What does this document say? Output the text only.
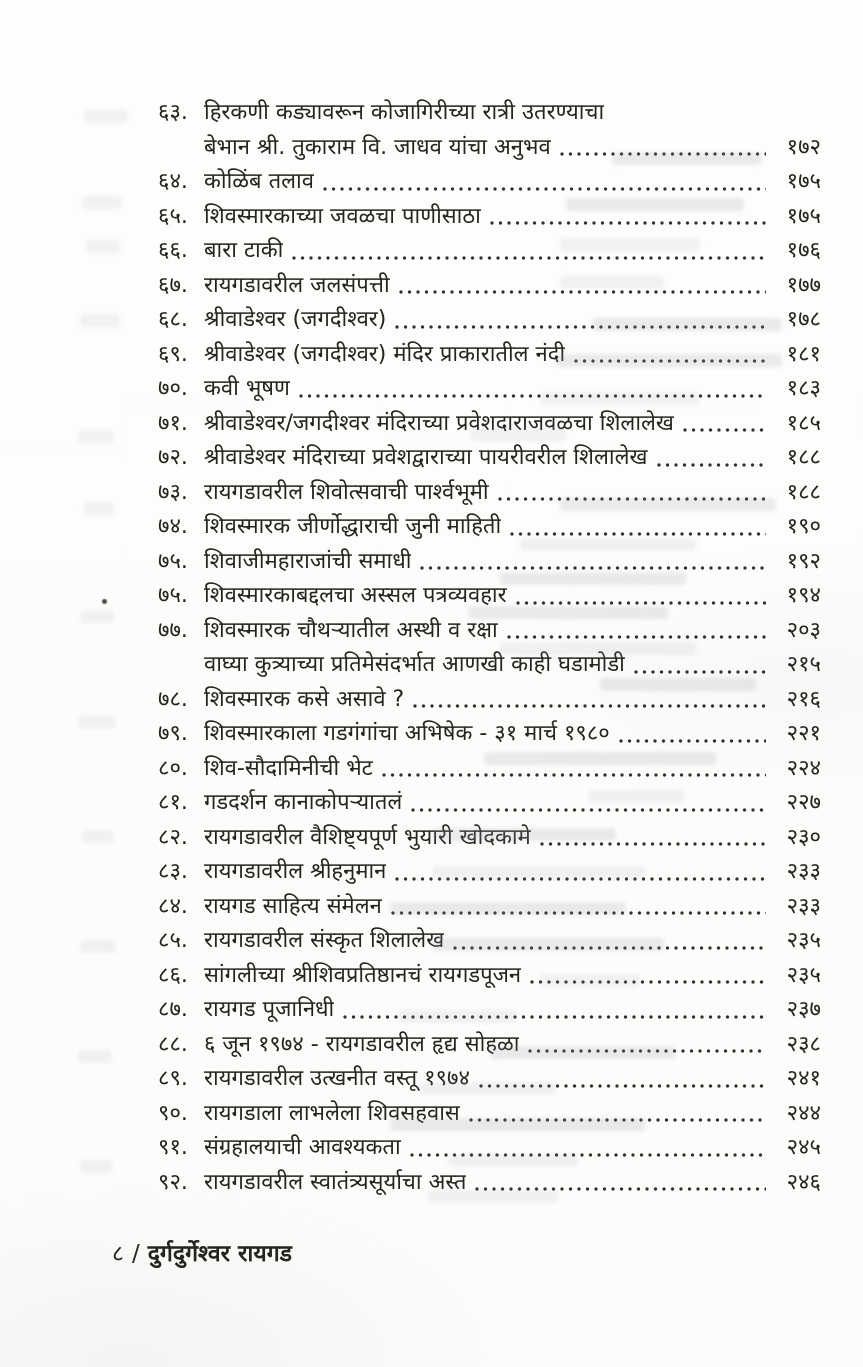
६३. हिरकणी कड्यावरून कोजागिरीच्या रात्री उतरण्याचा
बेभान श्री. तुकाराम वि. जाधव यांचा अनुभव	१७२
६४. कोळिंब तलाव	१७५
६५. शिवस्मारकाच्या जवळचा पाणीसाठा	१७५
६६. बारा टाकी	१७६
६७. रायगडावरील जलसंपत्ती	१७७
६८. श्रीवाडेश्वर (जगदीश्वर)	१७८
६९. श्रीवाडेश्वर (जगदीश्वर) मंदिर प्राकारातील नंदी	१८१
७०. कवी भूषण	१८३
७१. श्रीवाडेश्वर/जगदीश्वर मंदिराच्या प्रवेशदाराजवळचा शिलालेख	१८५
७२. श्रीवाडेश्वर मंदिराच्या प्रवेशद्वाराच्या पायरीवरील शिलालेख	१८८
७३. रायगडावरील शिवोत्सवाची पार्श्वभूमी	१८८
७४. शिवस्मारक जीर्णोद्धाराची जुनी माहिती	१९०
७५. शिवाजीमहाराजांची समाधी	१९२
७५. शिवस्मारकाबद्दलचा अस्सल पत्रव्यवहार	१९४
७७. शिवस्मारक चौथऱ्यातील अस्थी व रक्षा	२०३
वाघ्या कुत्र्याच्या प्रतिमेसंदर्भात आणखी काही घडामोडी	२१५
७८. शिवस्मारक कसे असावे ?	२१६
७९. शिवस्मारकाला गडगंगांचा अभिषेक - ३१ मार्च १९८०	२२१
८०. शिव-सौदामिनीची भेट	२२४
८१. गडदर्शन कानाकोपऱ्यातलं	२२७
८२. रायगडावरील वैशिष्ट्यपूर्ण भुयारी खोदकामे	२३०
८३. रायगडावरील श्रीहनुमान	२३३
८४. रायगड साहित्य संमेलन	२३३
८५. रायगडावरील संस्कृत शिलालेख	२३५
८६. सांगलीच्या श्रीशिवप्रतिष्ठानचं रायगडपूजन	२३५
८७. रायगड पूजानिधी	२३७
८८. ६ जून १९७४ - रायगडावरील हृद्य सोहळा	२३८
८९. रायगडावरील उत्खनीत वस्तू १९७४	२४१
९०. रायगडाला लाभलेला शिवसहवास	२४४
९१. संग्रहालयाची आवश्यकता	२४५
९२. रायगडावरील स्वातंत्र्यसूर्याचा अस्त	२४६
८ / दुर्गदुर्गेश्वर रायगड
